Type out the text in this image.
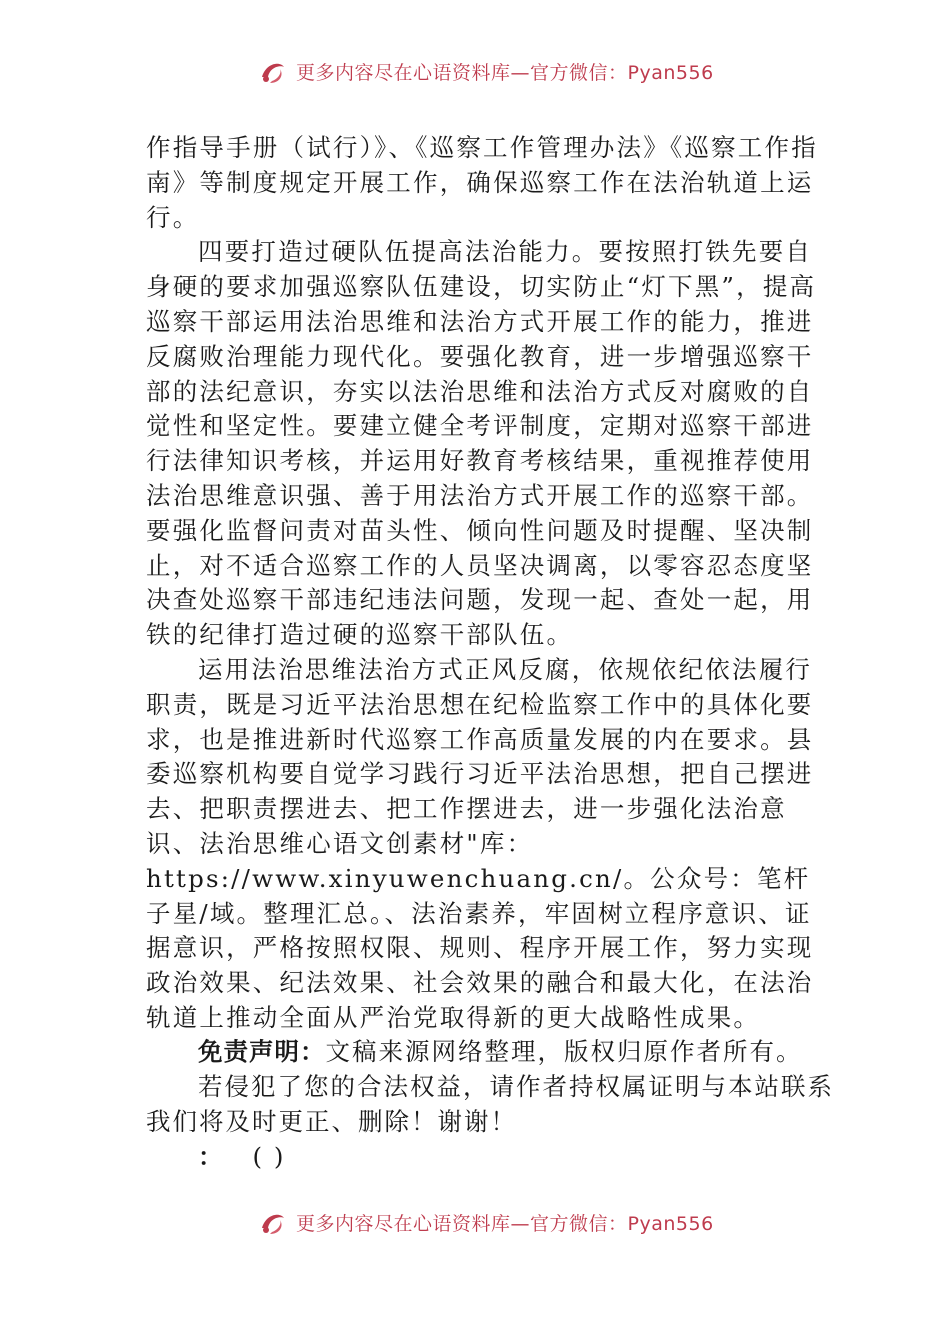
更多内容尽在心语资料库—官方微信：Pyan556

作指导手册（试行）》、《巡察工作管理办法》《巡察工作指南》等制度规定开展工作，确保巡察工作在法治轨道上运行。

四要打造过硬队伍提高法治能力。要按照打铁先要自身硬的要求加强巡察队伍建设，切实防止“灯下黑”，提高巡察干部运用法治思维和法治方式开展工作的能力，推进反腐败治理能力现代化。要强化教育，进一步增强巡察干部的法纪意识，夯实以法治思维和法治方式反对腐败的自觉性和坚定性。要建立健全考评制度，定期对巡察干部进行法律知识考核，并运用好教育考核结果，重视推荐使用法治思维意识强、善于用法治方式开展工作的巡察干部。要强化监督问责对苗头性、倾向性问题及时提醒、坚决制止，对不适合巡察工作的人员坚决调离，以零容忍态度坚决查处巡察干部违纪违法问题，发现一起、查处一起，用铁的纪律打造过硬的巡察干部队伍。

运用法治思维法治方式正风反腐，依规依纪依法履行职责，既是习近平法治思想在纪检监察工作中的具体化要求，也是推进新时代巡察工作高质量发展的内在要求。县委巡察机构要自觉学习践行习近平法治思想，把自己摆进去、把职责摆进去、把工作摆进去，进一步强化法治意识、法治思维心语文创素材"库：https://www.xinyuwenchuang.cn/。公众号：笔杆子星/域。整理汇总。、法治素养，牢固树立程序意识、证据意识，严格按照权限、规则、程序开展工作，努力实现政治效果、纪法效果、社会效果的融合和最大化，在法治轨道上推动全面从严治党取得新的更大战略性成果。

免责声明：文稿来源网络整理，版权归原作者所有。

若侵犯了您的合法权益，请作者持权属证明与本站联系我们将及时更正、删除！谢谢！

： ( )

更多内容尽在心语资料库—官方微信：Pyan556
